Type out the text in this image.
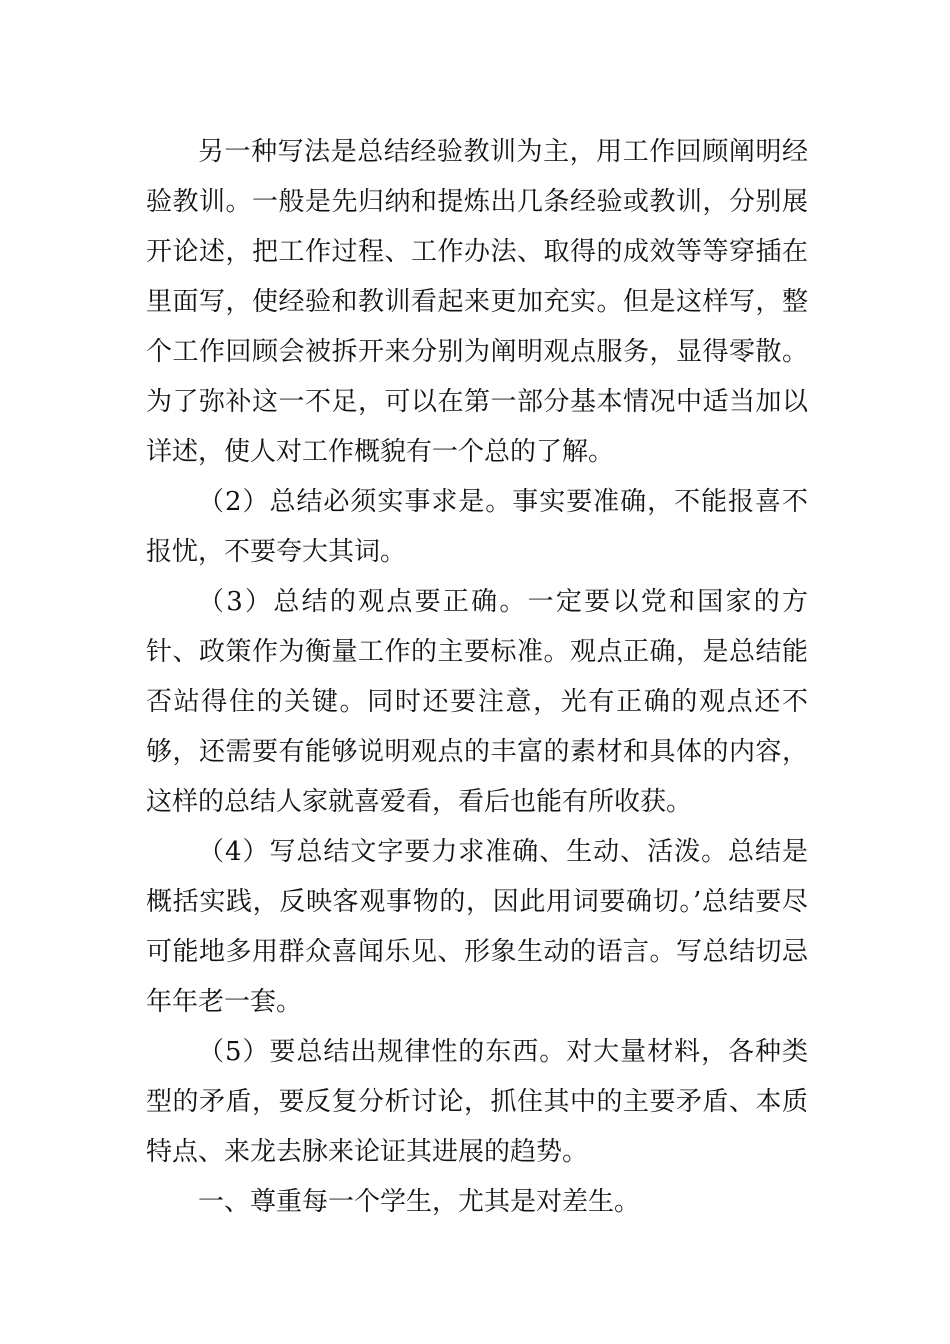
另一种写法是总结经验教训为主，用工作回顾阐明经验教训。一般是先归纳和提炼出几条经验或教训，分别展开论述，把工作过程、工作办法、取得的成效等等穿插在里面写，使经验和教训看起来更加充实。但是这样写，整个工作回顾会被拆开来分别为阐明观点服务，显得零散。为了弥补这一不足，可以在第一部分基本情况中适当加以详述，使人对工作概貌有一个总的了解。

（2）总结必须实事求是。事实要准确，不能报喜不报忧，不要夸大其词。

（3）总结的观点要正确。一定要以党和国家的方针、政策作为衡量工作的主要标准。观点正确，是总结能否站得住的关键。同时还要注意，光有正确的观点还不够，还需要有能够说明观点的丰富的素材和具体的内容，这样的总结人家就喜爱看，看后也能有所收获。

（4）写总结文字要力求准确、生动、活泼。总结是概括实践，反映客观事物的，因此用词要确切。’总结要尽可能地多用群众喜闻乐见、形象生动的语言。写总结切忌年年老一套。

（5）要总结出规律性的东西。对大量材料，各种类型的矛盾，要反复分析讨论，抓住其中的主要矛盾、本质特点、来龙去脉来论证其进展的趋势。

一、尊重每一个学生，尤其是对差生。
